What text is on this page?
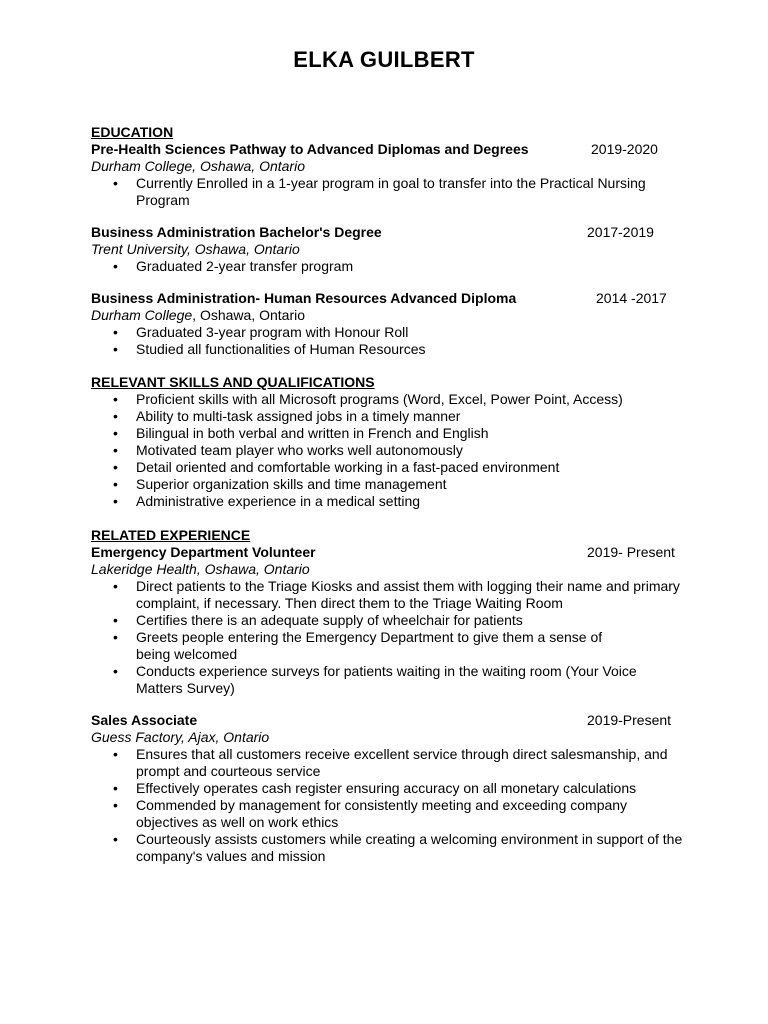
ELKA GUILBERT
EDUCATION
Pre-Health Sciences Pathway to Advanced Diplomas and Degrees	2019-2020
Durham College, Oshawa, Ontario
• Currently Enrolled in a 1-year program in goal to transfer into the Practical Nursing Program
Business Administration Bachelor's Degree	2017-2019
Trent University, Oshawa, Ontario
• Graduated 2-year transfer program
Business Administration- Human Resources Advanced Diploma	2014 -2017
Durham College, Oshawa, Ontario
• Graduated 3-year program with Honour Roll
• Studied all functionalities of Human Resources
RELEVANT SKILLS AND QUALIFICATIONS
• Proficient skills with all Microsoft programs (Word, Excel, Power Point, Access)
• Ability to multi-task assigned jobs in a timely manner
• Bilingual in both verbal and written in French and English
• Motivated team player who works well autonomously
• Detail oriented and comfortable working in a fast-paced environment
• Superior organization skills and time management
• Administrative experience in a medical setting
RELATED EXPERIENCE
Emergency Department Volunteer	2019- Present
Lakeridge Health, Oshawa, Ontario
• Direct patients to the Triage Kiosks and assist them with logging their name and primary complaint, if necessary. Then direct them to the Triage Waiting Room
• Certifies there is an adequate supply of wheelchair for patients
• Greets people entering the Emergency Department to give them a sense of being welcomed
• Conducts experience surveys for patients waiting in the waiting room (Your Voice Matters Survey)
Sales Associate	2019-Present
Guess Factory, Ajax, Ontario
• Ensures that all customers receive excellent service through direct salesmanship, and prompt and courteous service
• Effectively operates cash register ensuring accuracy on all monetary calculations
• Commended by management for consistently meeting and exceeding company objectives as well on work ethics
• Courteously assists customers while creating a welcoming environment in support of the company's values and mission
